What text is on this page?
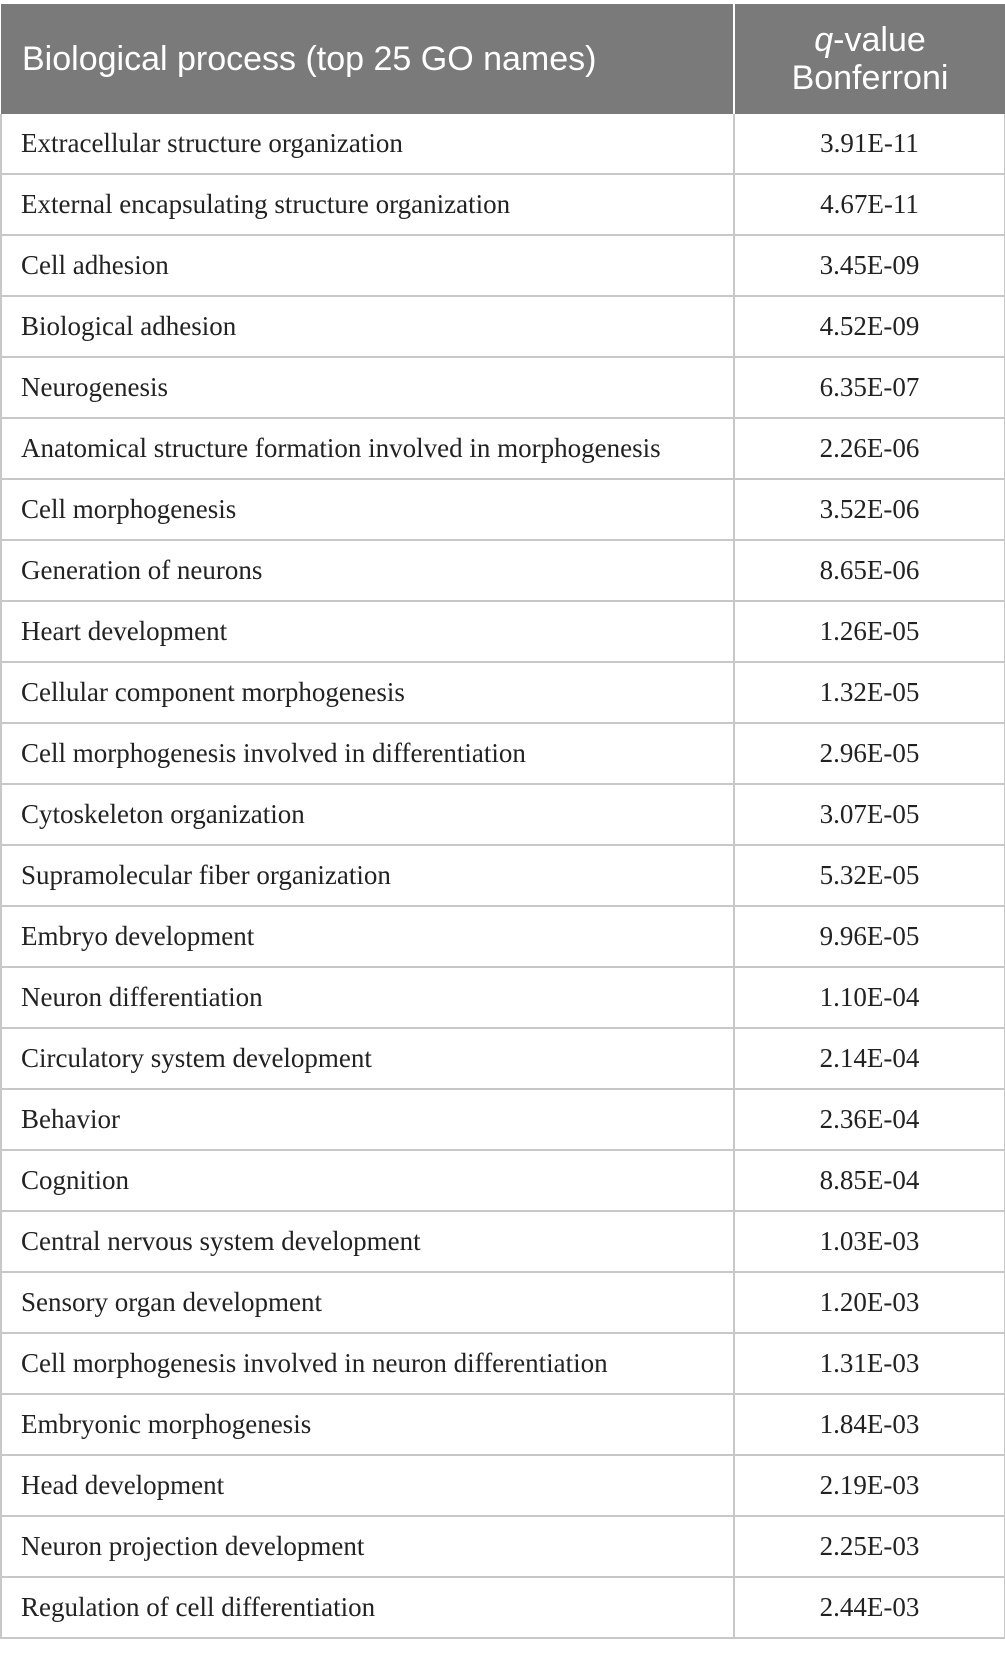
Biological process (top 25 GO names)	q-value
Bonferroni
Extracellular structure organization	3.91E-11
External encapsulating structure organization	4.67E-11
Cell adhesion	3.45E-09
Biological adhesion	4.52E-09
Neurogenesis	6.35E-07
Anatomical structure formation involved in morphogenesis	2.26E-06
Cell morphogenesis	3.52E-06
Generation of neurons	8.65E-06
Heart development	1.26E-05
Cellular component morphogenesis	1.32E-05
Cell morphogenesis involved in differentiation	2.96E-05
Cytoskeleton organization	3.07E-05
Supramolecular fiber organization	5.32E-05
Embryo development	9.96E-05
Neuron differentiation	1.10E-04
Circulatory system development	2.14E-04
Behavior	2.36E-04
Cognition	8.85E-04
Central nervous system development	1.03E-03
Sensory organ development	1.20E-03
Cell morphogenesis involved in neuron differentiation	1.31E-03
Embryonic morphogenesis	1.84E-03
Head development	2.19E-03
Neuron projection development	2.25E-03
Regulation of cell differentiation	2.44E-03
